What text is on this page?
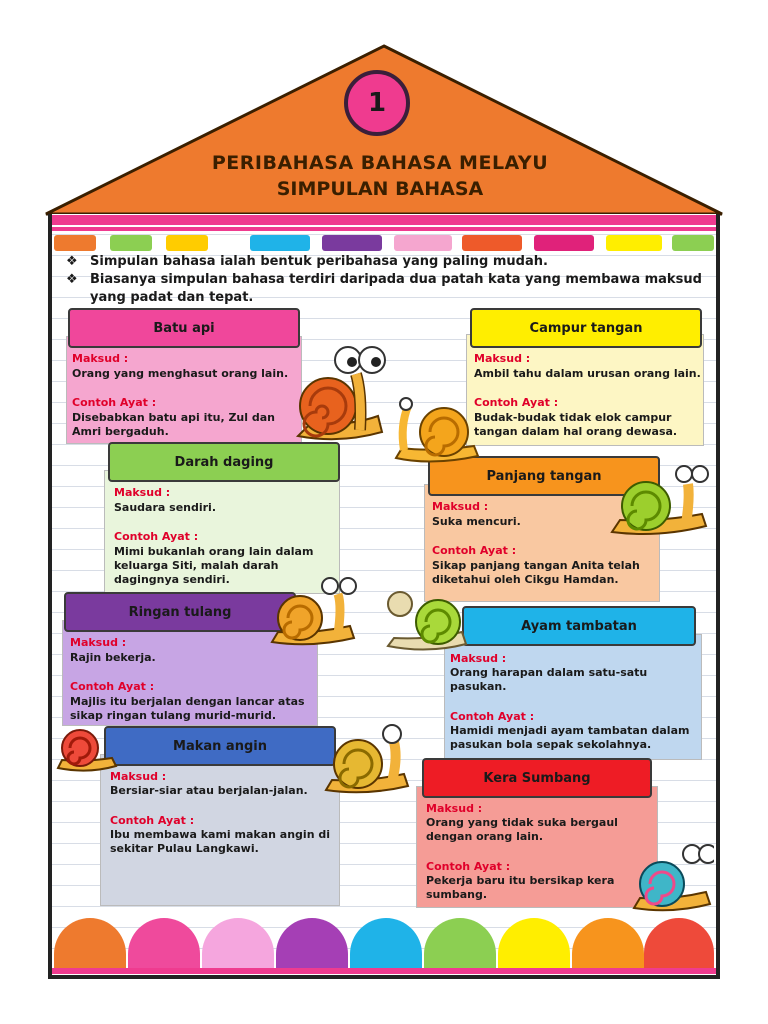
1
PERIBAHASA BAHASA MELAYU
SIMPULAN BAHASA
❖ Simpulan bahasa ialah bentuk peribahasa yang paling mudah.
❖ Biasanya simpulan bahasa terdiri daripada dua patah kata yang membawa maksud
yang padat dan tepat.
Batu api
Maksud :
Orang yang menghasut orang lain.
Contoh Ayat :
Disebabkan batu api itu, Zul dan
Amri bergaduh.
Campur tangan
Maksud :
Ambil tahu dalam urusan orang lain.
Contoh Ayat :
Budak-budak tidak elok campur
tangan dalam hal orang dewasa.
Darah daging
Maksud :
Saudara sendiri.
Contoh Ayat :
Mimi bukanlah orang lain dalam
keluarga Siti, malah darah
dagingnya sendiri.
Panjang tangan
Maksud :
Suka mencuri.
Contoh Ayat :
Sikap panjang tangan Anita telah
diketahui oleh Cikgu Hamdan.
Ringan tulang
Maksud :
Rajin bekerja.
Contoh Ayat :
Majlis itu berjalan dengan lancar atas
sikap ringan tulang murid-murid.
Ayam tambatan
Maksud :
Orang harapan dalam satu-satu
pasukan.
Contoh Ayat :
Hamidi menjadi ayam tambatan dalam
pasukan bola sepak sekolahnya.
Makan angin
Maksud :
Bersiar-siar atau berjalan-jalan.
Contoh Ayat :
Ibu membawa kami makan angin di
sekitar Pulau Langkawi.
Kera Sumbang
Maksud :
Orang yang tidak suka bergaul
dengan orang lain.
Contoh Ayat :
Pekerja baru itu bersikap kera
sumbang.
